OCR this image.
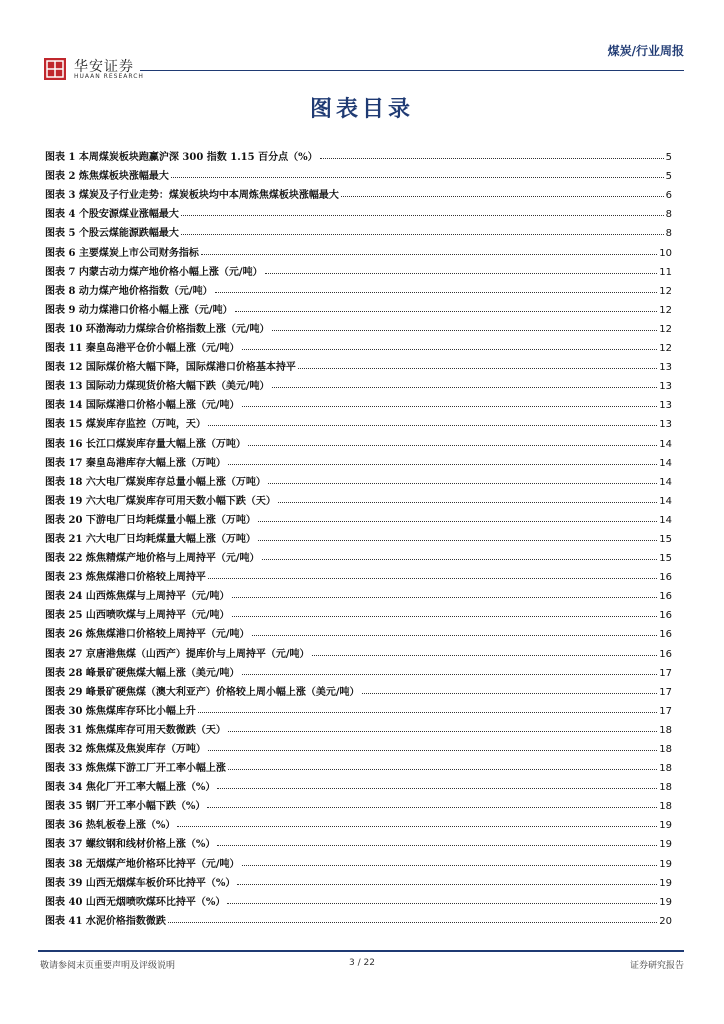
华安证券
HUAAN RESEARCH
煤炭/行业周报
图表目录
图表 1 本周煤炭板块跑赢沪深 300 指数 1.15 百分点（%）	5
图表 2 炼焦煤板块涨幅最大	5
图表 3 煤炭及子行业走势：煤炭板块均中本周炼焦煤板块涨幅最大	6
图表 4 个股安源煤业涨幅最大	8
图表 5 个股云煤能源跌幅最大	8
图表 6 主要煤炭上市公司财务指标	10
图表 7 内蒙古动力煤产地价格小幅上涨（元/吨）	11
图表 8 动力煤产地价格指数（元/吨）	12
图表 9 动力煤港口价格小幅上涨（元/吨）	12
图表 10 环渤海动力煤综合价格指数上涨（元/吨）	12
图表 11 秦皇岛港平仓价小幅上涨（元/吨）	12
图表 12 国际煤价格大幅下降，国际煤港口价格基本持平	13
图表 13 国际动力煤现货价格大幅下跌（美元/吨）	13
图表 14 国际煤港口价格小幅上涨（元/吨）	13
图表 15 煤炭库存监控（万吨，天）	13
图表 16 长江口煤炭库存量大幅上涨（万吨）	14
图表 17 秦皇岛港库存大幅上涨（万吨）	14
图表 18 六大电厂煤炭库存总量小幅上涨（万吨）	14
图表 19 六大电厂煤炭库存可用天数小幅下跌（天）	14
图表 20 下游电厂日均耗煤量小幅上涨（万吨）	14
图表 21 六大电厂日均耗煤量大幅上涨（万吨）	15
图表 22 炼焦精煤产地价格与上周持平（元/吨）	15
图表 23 炼焦煤港口价格较上周持平	16
图表 24 山西炼焦煤与上周持平（元/吨）	16
图表 25 山西喷吹煤与上周持平（元/吨）	16
图表 26 炼焦煤港口价格较上周持平（元/吨）	16
图表 27 京唐港焦煤（山西产）提库价与上周持平（元/吨）	16
图表 28 峰景矿硬焦煤大幅上涨（美元/吨）	17
图表 29 峰景矿硬焦煤（澳大利亚产）价格较上周小幅上涨（美元/吨）	17
图表 30 炼焦煤库存环比小幅上升	17
图表 31 炼焦煤库存可用天数微跌（天）	18
图表 32 炼焦煤及焦炭库存（万吨）	18
图表 33 炼焦煤下游工厂开工率小幅上涨	18
图表 34 焦化厂开工率大幅上涨（%）	18
图表 35 钢厂开工率小幅下跌（%）	18
图表 36 热轧板卷上涨（%）	19
图表 37 螺纹钢和线材价格上涨（%）	19
图表 38 无烟煤产地价格环比持平（元/吨）	19
图表 39 山西无烟煤车板价环比持平（%）	19
图表 40 山西无烟喷吹煤环比持平（%）	19
图表 41 水泥价格指数微跌	20
敬请参阅末页重要声明及评级说明	3 / 22	证券研究报告
